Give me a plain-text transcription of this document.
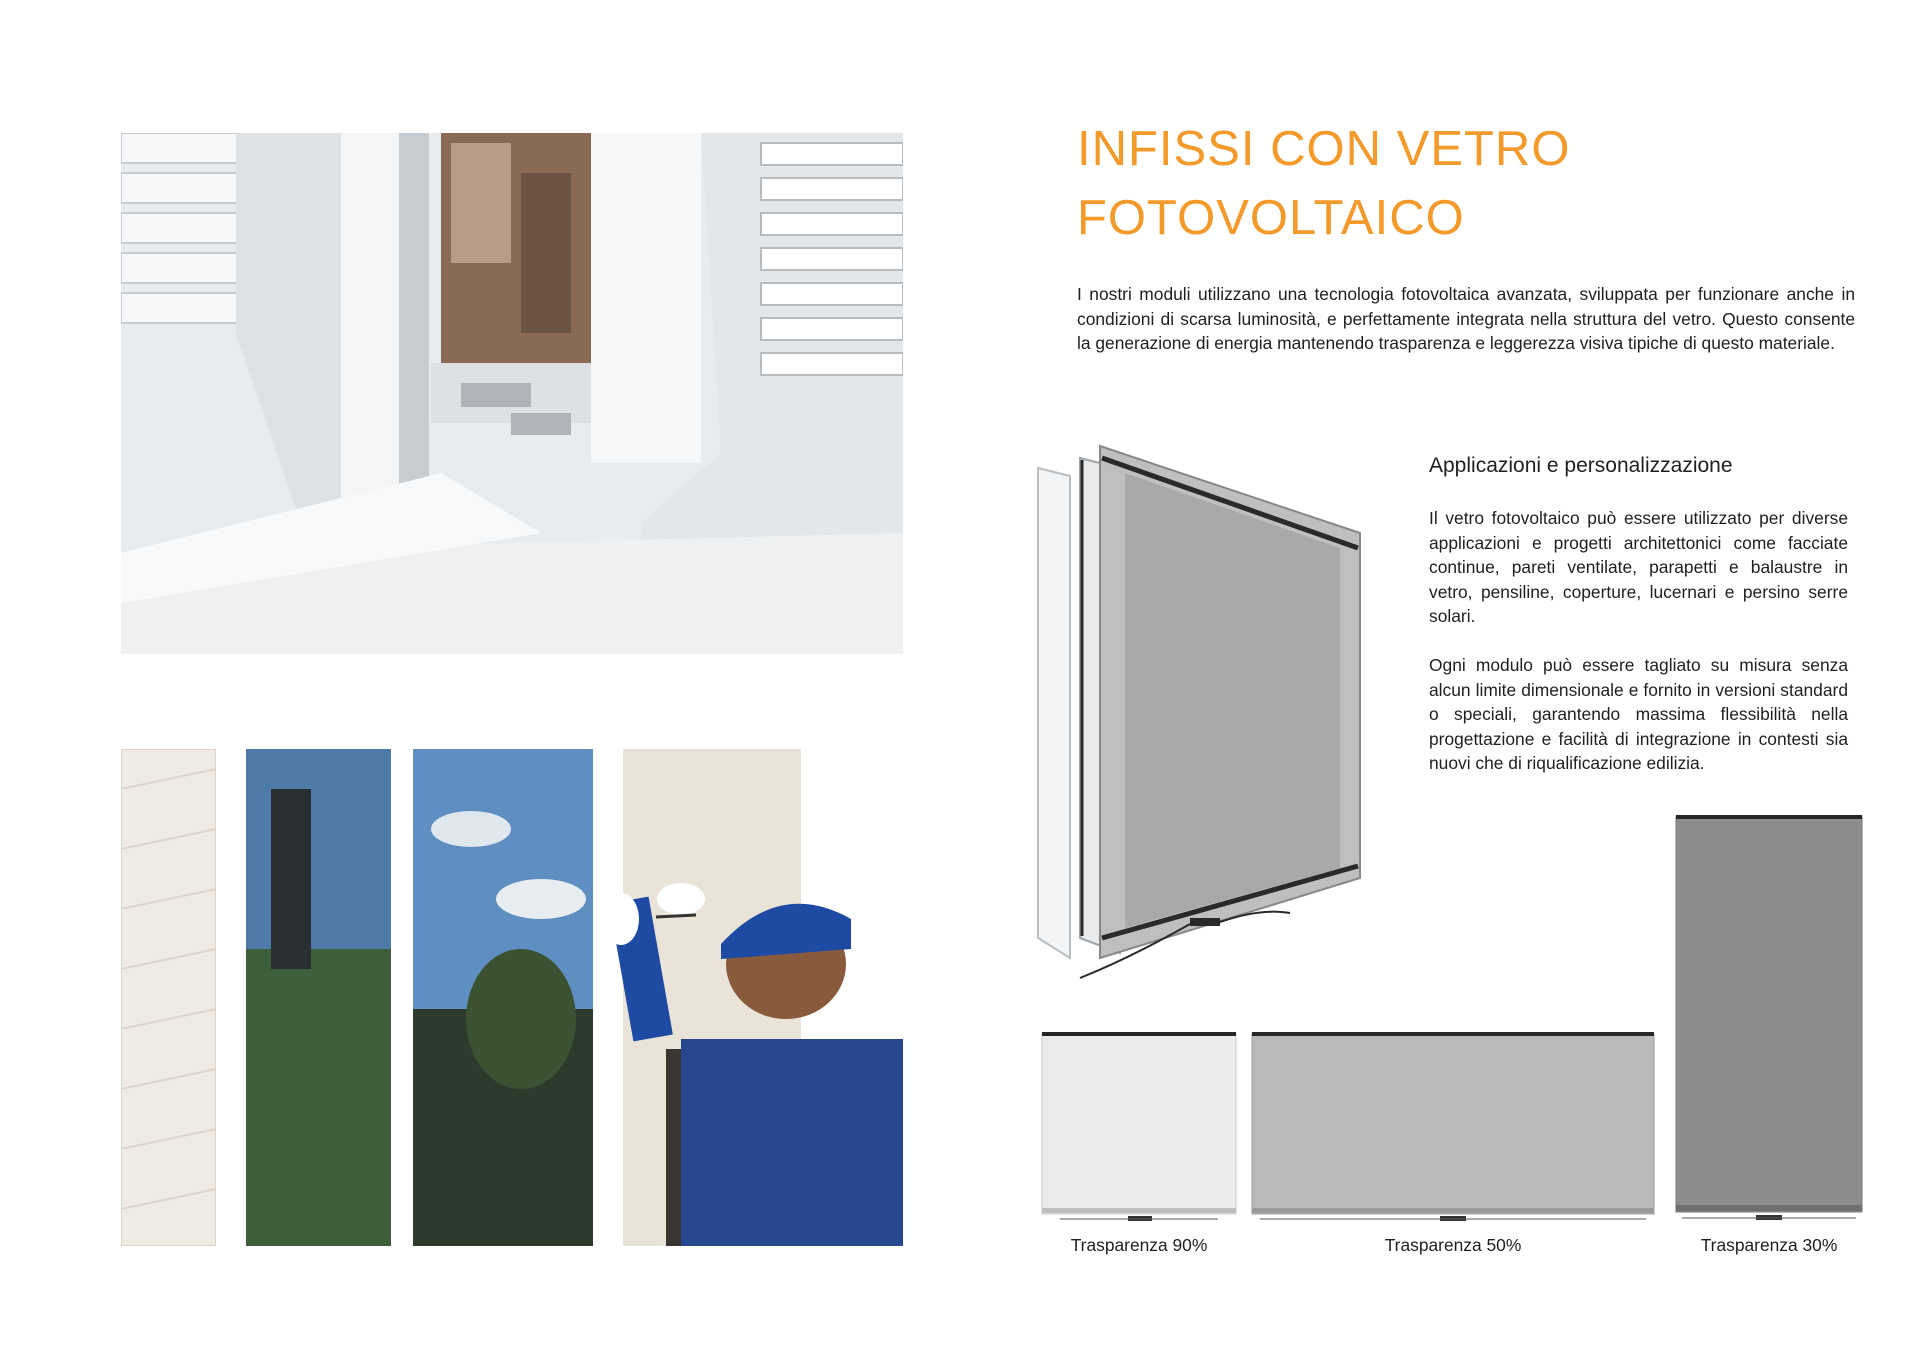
INFISSI CON VETRO
FOTOVOLTAICO

I nostri moduli utilizzano una tecnologia fotovoltaica avanzata, sviluppata per funzionare anche in condizioni di scarsa luminosità, e perfettamente integrata nella struttura del vetro. Questo consente la generazione di energia mantenendo trasparenza e leggerezza visiva tipiche di questo materiale.

Applicazioni e personalizzazione

Il vetro fotovoltaico può essere utilizzato per diverse applicazioni e progetti architettonici come facciate continue, pareti ventilate, parapetti e balaustre in vetro, pensiline, coperture, lucernari e persino serre solari.

Ogni modulo può essere tagliato su misura senza alcun limite dimensionale e fornito in versioni standard o speciali, garantendo massima flessibilità nella progettazione e facilità di integrazione in contesti sia nuovi che di riqualificazione edilizia.

Trasparenza 90%	Trasparenza 50%	Trasparenza 30%
